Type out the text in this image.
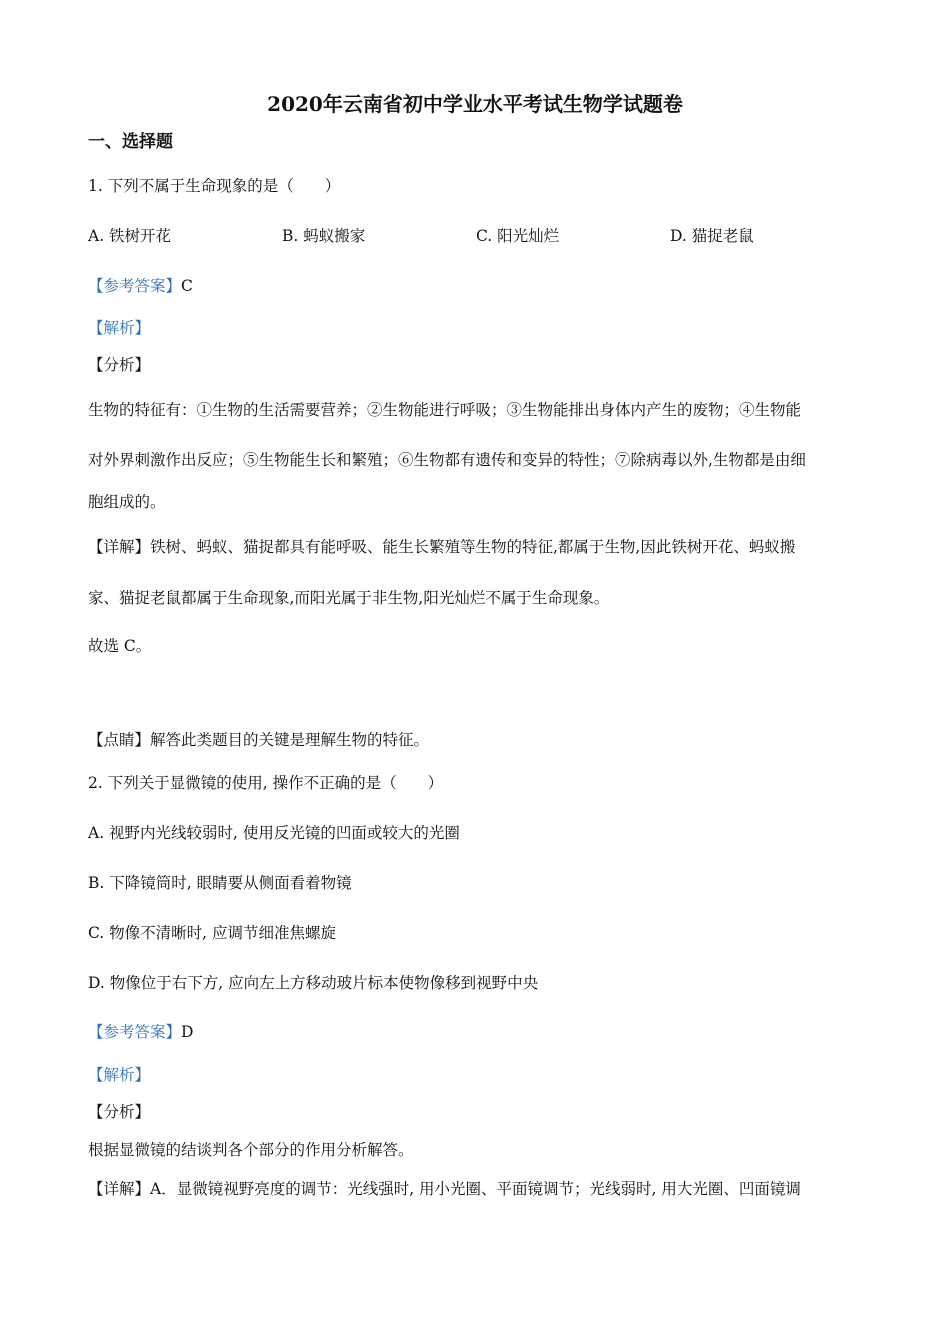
2020年云南省初中学业水平考试生物学试题卷
一、选择题
1. 下列不属于生命现象的是（　　）
A. 铁树开花	B. 蚂蚁搬家	C. 阳光灿烂	D. 猫捉老鼠
【参考答案】C
【解析】
【分析】
生物的特征有：①生物的生活需要营养；②生物能进行呼吸；③生物能排出身体内产生的废物；④生物能
对外界刺激作出反应；⑤生物能生长和繁殖；⑥生物都有遗传和变异的特性；⑦除病毒以外,生物都是由细
胞组成的。
【详解】铁树、蚂蚁、猫捉都具有能呼吸、能生长繁殖等生物的特征,都属于生物,因此铁树开花、蚂蚁搬
家、猫捉老鼠都属于生命现象,而阳光属于非生物,阳光灿烂不属于生命现象。
故选 C。
【点睛】解答此类题目的关键是理解生物的特征。
2. 下列关于显微镜的使用, 操作不正确的是（　　）
A. 视野内光线较弱时, 使用反光镜的凹面或较大的光圈
B. 下降镜筒时, 眼睛要从侧面看着物镜
C. 物像不清晰时, 应调节细准焦螺旋
D. 物像位于右下方, 应向左上方移动玻片标本使物像移到视野中央
【参考答案】D
【解析】
【分析】
根据显微镜的结谈判各个部分的作用分析解答。
【详解】A．显微镜视野亮度的调节：光线强时, 用小光圈、平面镜调节；光线弱时, 用大光圈、凹面镜调
